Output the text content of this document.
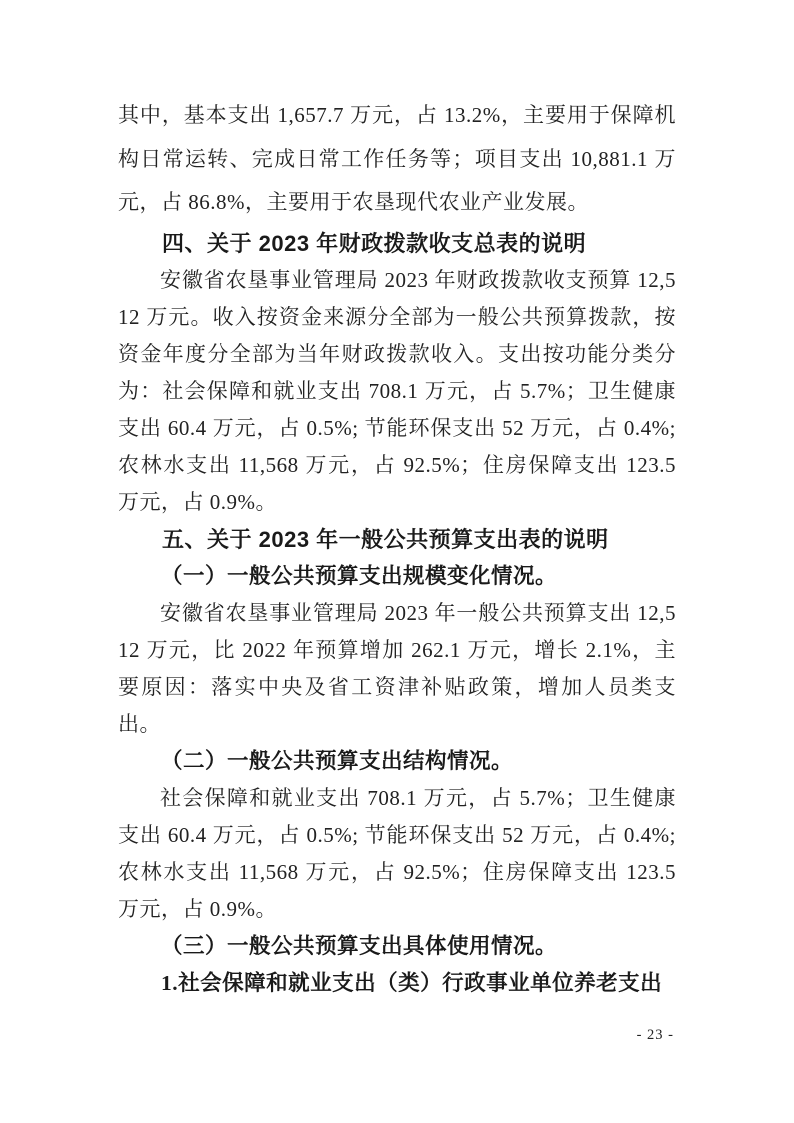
其中，基本支出 1,657.7 万元，占 13.2%，主要用于保障机构日常运转、完成日常工作任务等；项目支出 10,881.1 万元，占 86.8%，主要用于农垦现代农业产业发展。

四、关于 2023 年财政拨款收支总表的说明

安徽省农垦事业管理局 2023 年财政拨款收支预算 12,512 万元。收入按资金来源分全部为一般公共预算拨款，按资金年度分全部为当年财政拨款收入。支出按功能分类分为：社会保障和就业支出 708.1 万元，占 5.7%；卫生健康支出 60.4 万元，占 0.5%; 节能环保支出 52 万元，占 0.4%; 农林水支出 11,568 万元，占 92.5%；住房保障支出 123.5 万元，占 0.9%。

五、关于 2023 年一般公共预算支出表的说明

（一）一般公共预算支出规模变化情况。

安徽省农垦事业管理局 2023 年一般公共预算支出 12,512 万元，比 2022 年预算增加 262.1 万元，增长 2.1%，主要原因：落实中央及省工资津补贴政策，增加人员类支出。

（二）一般公共预算支出结构情况。

社会保障和就业支出 708.1 万元，占 5.7%；卫生健康支出 60.4 万元，占 0.5%; 节能环保支出 52 万元，占 0.4%; 农林水支出 11,568 万元，占 92.5%；住房保障支出 123.5 万元，占 0.9%。

（三）一般公共预算支出具体使用情况。

1.社会保障和就业支出（类）行政事业单位养老支出

- 23 -
